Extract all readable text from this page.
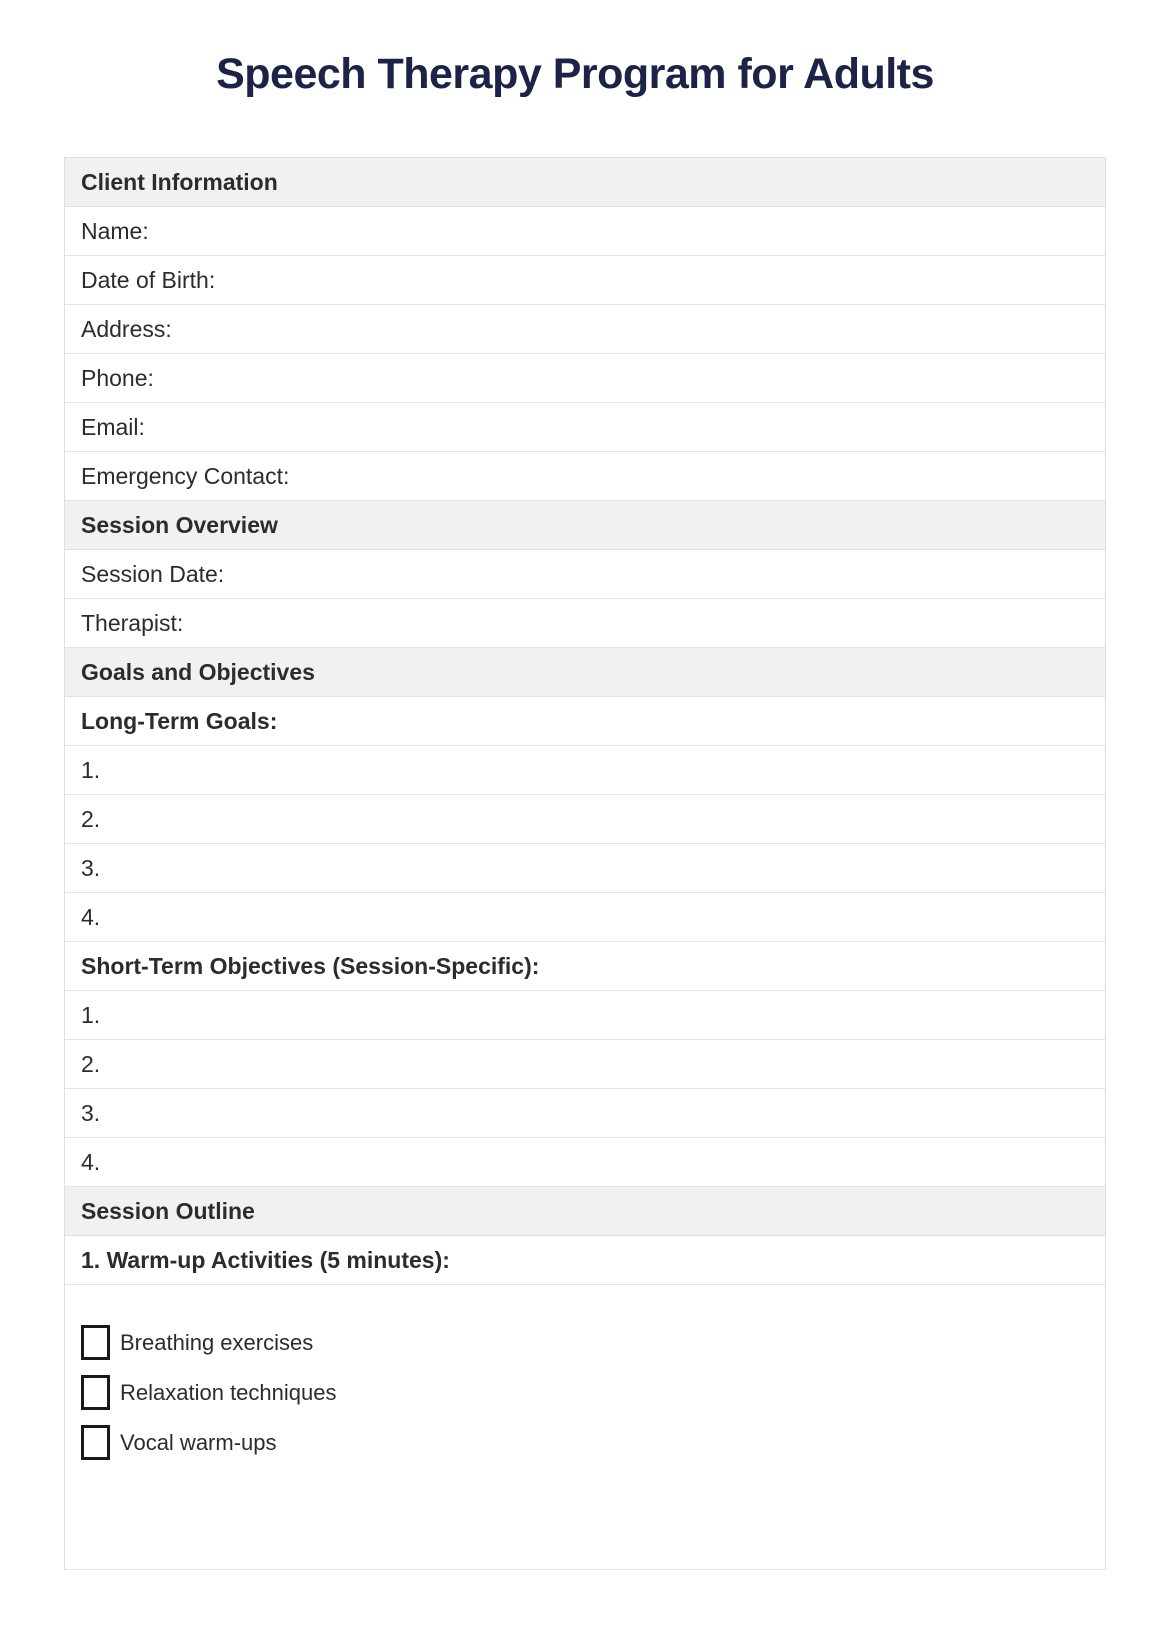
Speech Therapy Program for Adults
Client Information
Name:
Date of Birth:
Address:
Phone:
Email:
Emergency Contact:
Session Overview
Session Date:
Therapist:
Goals and Objectives
Long-Term Goals:
1.
2.
3.
4.
Short-Term Objectives (Session-Specific):
1.
2.
3.
4.
Session Outline
1. Warm-up Activities (5 minutes):
Breathing exercises
Relaxation techniques
Vocal warm-ups
